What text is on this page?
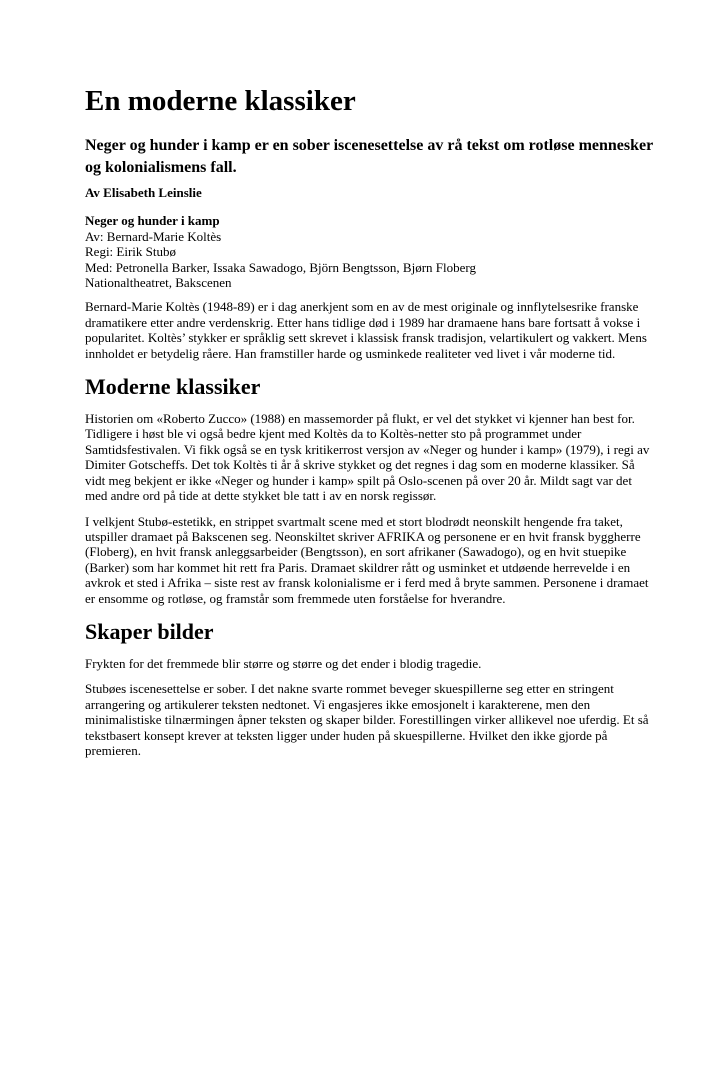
En moderne klassiker

Neger og hunder i kamp er en sober iscenesettelse av rå tekst om rotløse mennesker og kolonialismens fall.

Av Elisabeth Leinslie

Neger og hunder i kamp

Av: Bernard-Marie Koltès

Regi: Eirik Stubø

Med: Petronella Barker, Issaka Sawadogo, Björn Bengtsson, Bjørn Floberg

Nationaltheatret, Bakscenen

Bernard-Marie Koltès (1948-89) er i dag anerkjent som en av de mest originale og innflytelsesrike franske dramatikere etter andre verdenskrig. Etter hans tidlige død i 1989 har dramaene hans bare fortsatt å vokse i popularitet. Koltès’ stykker er språklig sett skrevet i klassisk fransk tradisjon, velartikulert og vakkert. Mens innholdet er betydelig råere. Han framstiller harde og usminkede realiteter ved livet i vår moderne tid.

Moderne klassiker

Historien om «Roberto Zucco» (1988) en massemorder på flukt, er vel det stykket vi kjenner han best for. Tidligere i høst ble vi også bedre kjent med Koltès da to Koltès-netter sto på programmet under Samtidsfestivalen. Vi fikk også se en tysk kritikerrost versjon av «Neger og hunder i kamp» (1979), i regi av Dimiter Gotscheffs. Det tok Koltès ti år å skrive stykket og det regnes i dag som en moderne klassiker. Så vidt meg bekjent er ikke «Neger og hunder i kamp» spilt på Oslo-scenen på over 20 år. Mildt sagt var det med andre ord på tide at dette stykket ble tatt i av en norsk regissør.

I velkjent Stubø-estetikk, en strippet svartmalt scene med et stort blodrødt neonskilt hengende fra taket, utspiller dramaet på Bakscenen seg. Neonskiltet skriver AFRIKA og personene er en hvit fransk byggherre (Floberg), en hvit fransk anleggsarbeider (Bengtsson), en sort afrikaner (Sawadogo), og en hvit stuepike (Barker) som har kommet hit rett fra Paris. Dramaet skildrer rått og usminket et utdøende herrevelde i en avkrok et sted i Afrika – siste rest av fransk kolonialisme er i ferd med å bryte sammen. Personene i dramaet er ensomme og rotløse, og framstår som fremmede uten forståelse for hverandre.

Skaper bilder

Frykten for det fremmede blir større og større og det ender i blodig tragedie.

Stubøes iscenesettelse er sober. I det nakne svarte rommet beveger skuespillerne seg etter en stringent arrangering og artikulerer teksten nedtonet. Vi engasjeres ikke emosjonelt i karakterene, men den minimalistiske tilnærmingen åpner teksten og skaper bilder. Forestillingen virker allikevel noe uferdig. Et så tekstbasert konsept krever at teksten ligger under huden på skuespillerne. Hvilket den ikke gjorde på premieren.
